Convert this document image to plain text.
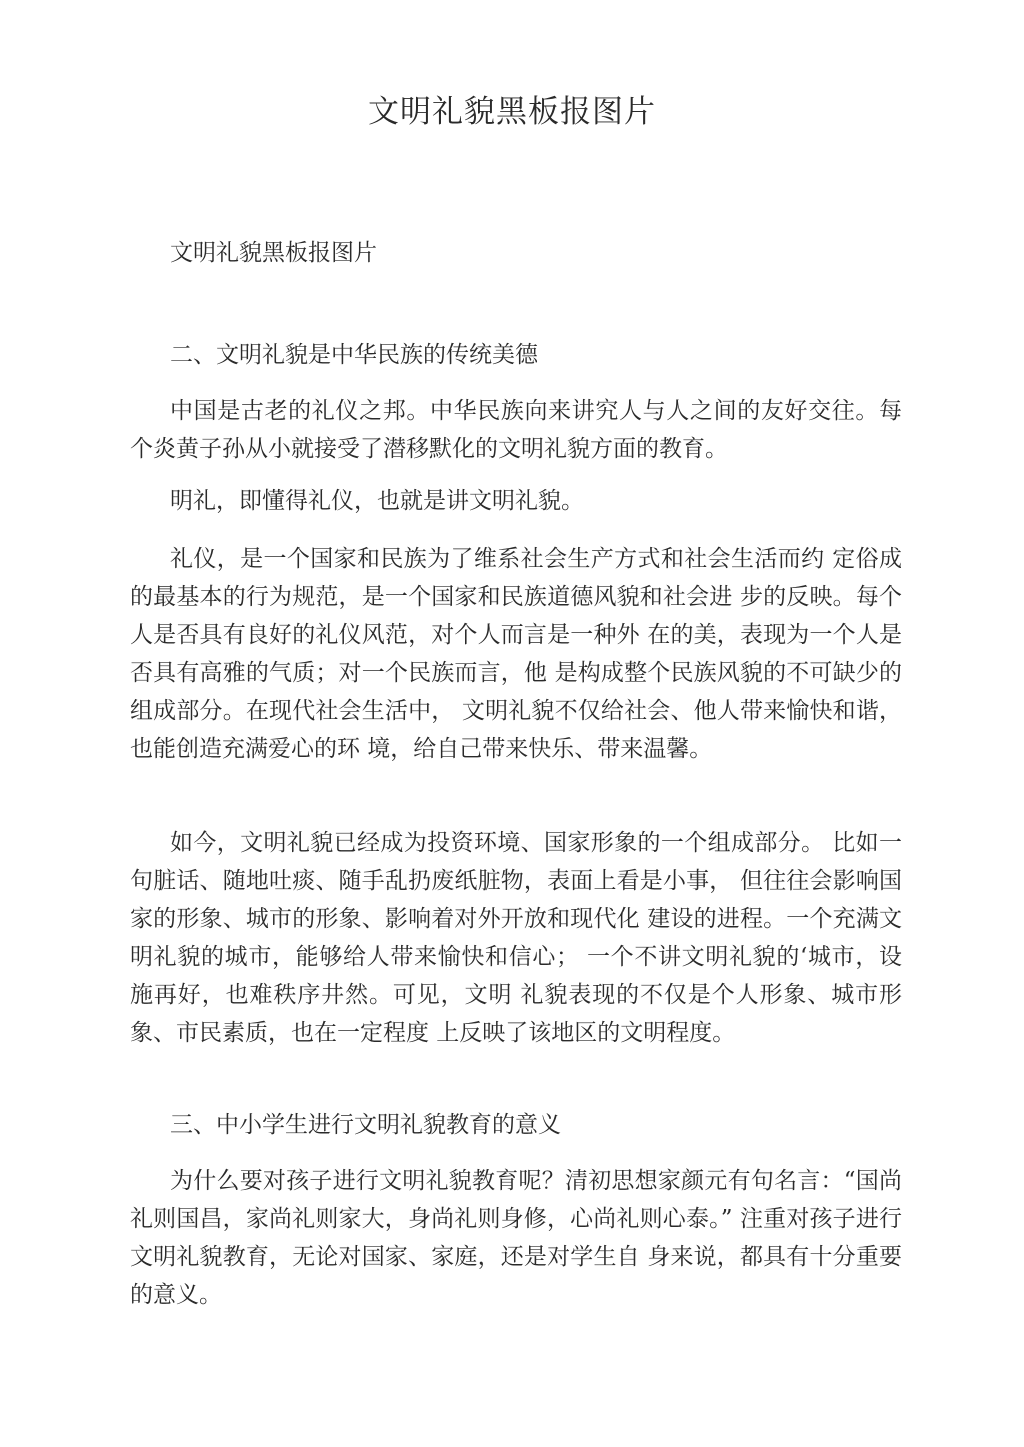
文明礼貌黑板报图片

文明礼貌黑板报图片

二、文明礼貌是中华民族的传统美德

中国是古老的礼仪之邦。中华民族向来讲究人与人之间的友好交往。每个炎黄子孙从小就接受了潜移默化的文明礼貌方面的教育。

明礼，即懂得礼仪，也就是讲文明礼貌。

礼仪，是一个国家和民族为了维系社会生产方式和社会生活而约 定俗成的最基本的行为规范，是一个国家和民族道德风貌和社会进 步的反映。每个人是否具有良好的礼仪风范，对个人而言是一种外 在的美，表现为一个人是否具有高雅的气质；对一个民族而言，他 是构成整个民族风貌的不可缺少的组成部分。在现代社会生活中， 文明礼貌不仅给社会、他人带来愉快和谐，也能创造充满爱心的环 境，给自己带来快乐、带来温馨。

如今，文明礼貌已经成为投资环境、国家形象的一个组成部分。 比如一句脏话、随地吐痰、随手乱扔废纸脏物，表面上看是小事， 但往往会影响国家的形象、城市的形象、影响着对外开放和现代化 建设的进程。一个充满文明礼貌的城市，能够给人带来愉快和信心； 一个不讲文明礼貌的‘城市，设施再好，也难秩序井然。可见，文明 礼貌表现的不仅是个人形象、城市形象、市民素质，也在一定程度 上反映了该地区的文明程度。

三、中小学生进行文明礼貌教育的意义

为什么要对孩子进行文明礼貌教育呢？清初思想家颜元有句名言：“国尚礼则国昌，家尚礼则家大，身尚礼则身修，心尚礼则心泰。” 注重对孩子进行文明礼貌教育，无论对国家、家庭，还是对学生自 身来说，都具有十分重要的意义。
